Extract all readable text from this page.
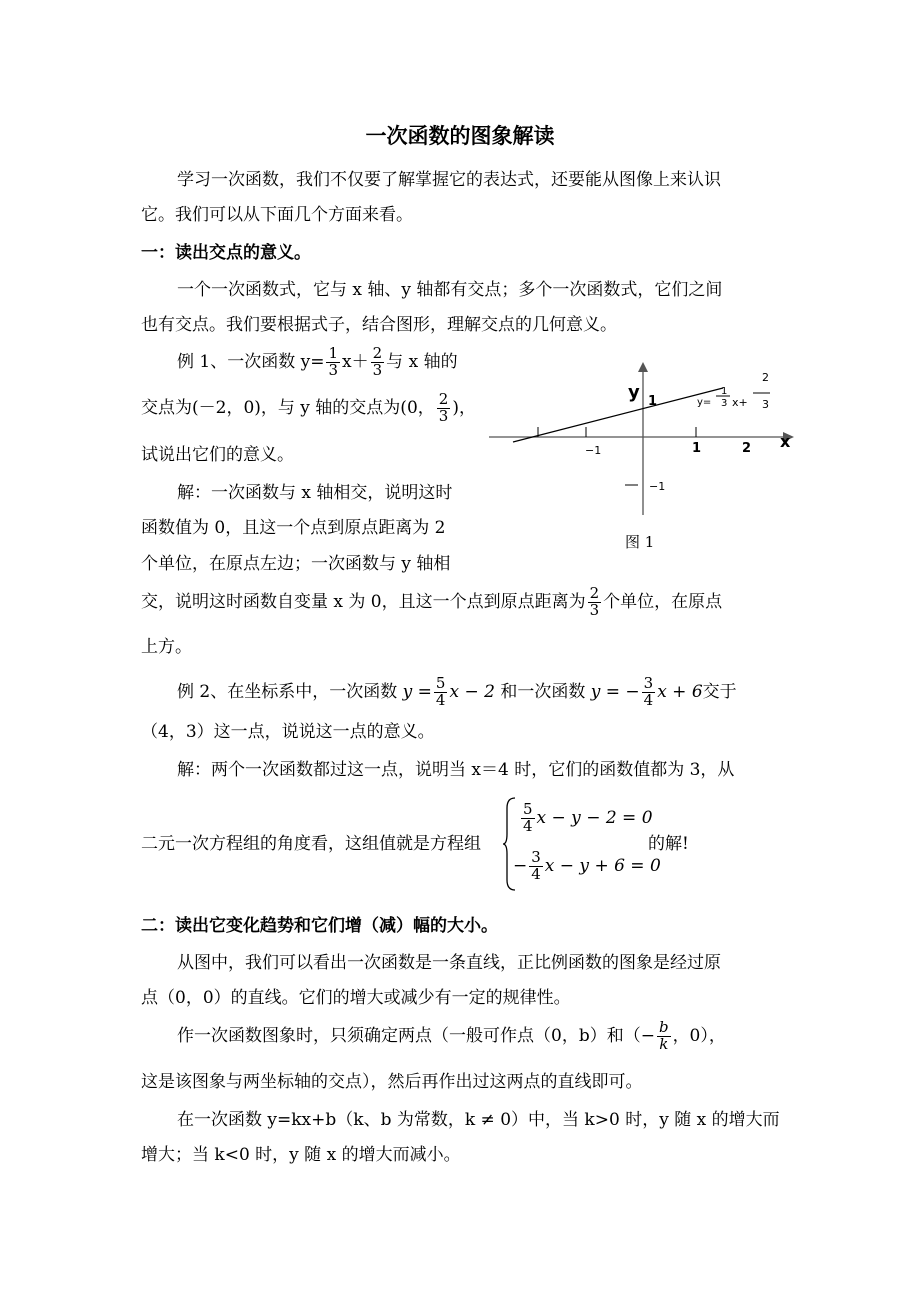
一次函数的图象解读
学习一次函数，我们不仅要了解掌握它的表达式，还要能从图像上来认识
它。我们可以从下面几个方面来看。
一：读出交点的意义。
一个一次函数式，它与 x 轴、y 轴都有交点；多个一次函数式，它们之间
也有交点。我们要根据式子，结合图形，理解交点的几何意义。
例 1、一次函数 $y= \frac{1}{3} x+ \frac{2}{3}$ 与 x 轴的
交点为(－2，0)，与 y 轴的交点为(0， $\frac{2}{3}$ )，
试说出它们的意义。
解：一次函数与 x 轴相交，说明这时
函数值为 0，且这一个点到原点距离为 2
个单位，在原点左边；一次函数与 y 轴相
交，说明这时函数自变量 x 为 0，且这一个点到原点距离为 $\frac{2}{3}$ 个单位，在原点
上方。
x
y
−1	1	2
1
−1
y=
1
3 x+
2
3
图 1
例 2、在坐标系中，一次函数 $y = \frac{5}{4}$ x − 2 和一次函数 y = − $\frac{3}{4}$ x + 6交于
（4，3）这一点，说说这一点的意义。
解：两个一次函数都过这一点，说明当 x＝4 时，它们的函数值都为 3，从
二元一次方程组的角度看，这组值就是方程组
$\frac{5}{4}$ x − y − 2 = 0
− $\frac{3}{4}$ x − y + 6 = 0
的解!
二：读出它变化趋势和它们增（减）幅的大小。
从图中，我们可以看出一次函数是一条直线，正比例函数的图象是经过原
点（0，0）的直线。它们的增大或减少有一定的规律性。
作一次函数图象时，只须确定两点（一般可作点（0，b）和（− $\frac{b}{k}$ ，0），
这是该图象与两坐标轴的交点），然后再作出过这两点的直线即可。
在一次函数 y=kx+b（k、b 为常数，k ≠ 0）中，当 k>0 时，y 随 x 的增大而
增大；当 k<0 时，y 随 x 的增大而减小。
